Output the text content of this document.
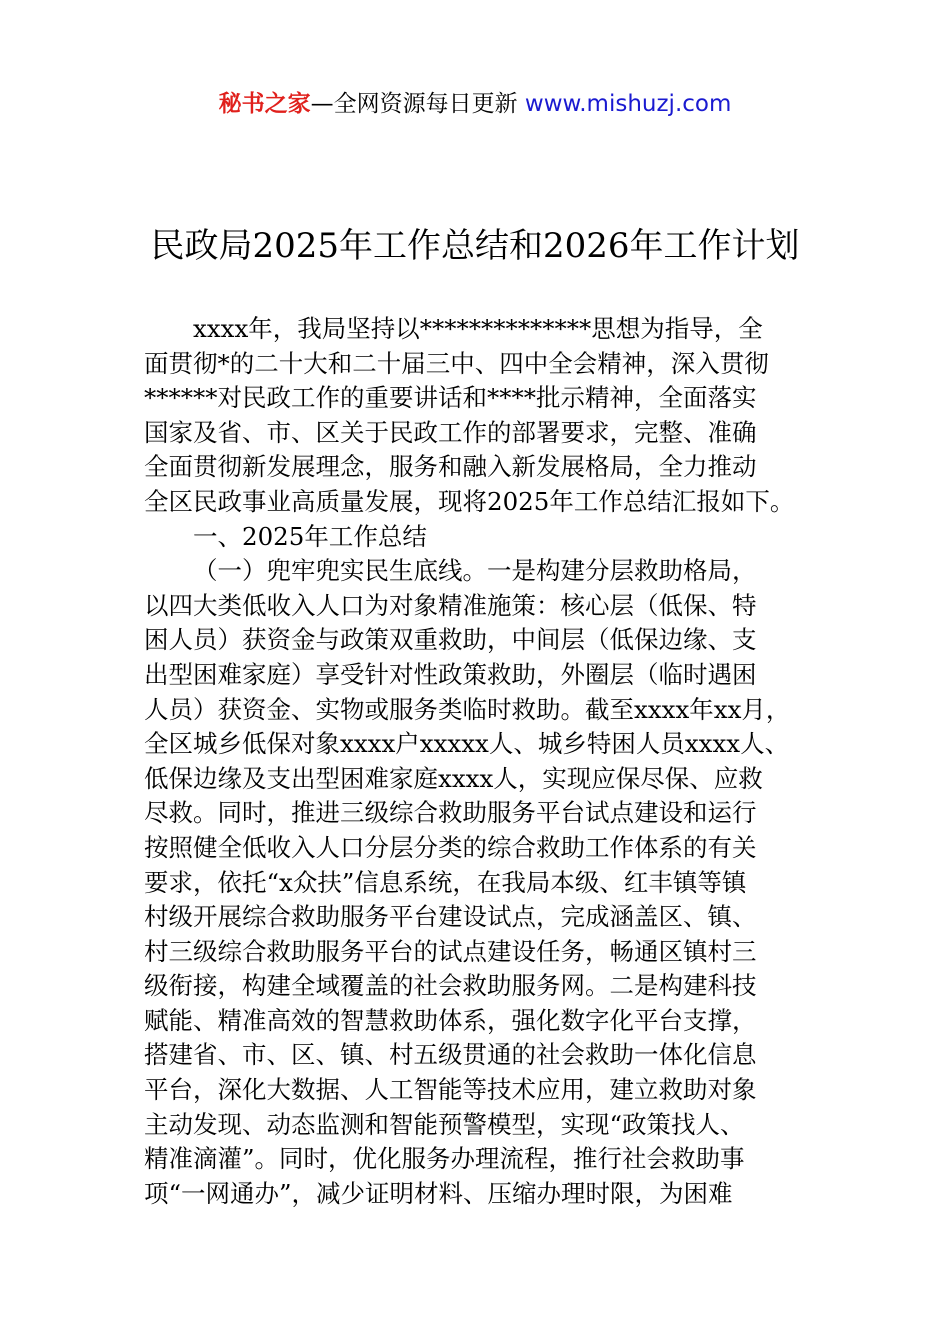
秘书之家—全网资源每日更新 www.mishuzj.com
民政局2025年工作总结和2026年工作计划
xxxx年，我局坚持以**************思想为指导，全
面贯彻*的二十大和二十届三中、四中全会精神，深入贯彻
******对民政工作的重要讲话和****批示精神，全面落实
国家及省、市、区关于民政工作的部署要求，完整、准确
全面贯彻新发展理念，服务和融入新发展格局，全力推动
全区民政事业高质量发展，现将2025年工作总结汇报如下。
一、2025年工作总结
（一）兜牢兜实民生底线。一是构建分层救助格局，
以四大类低收入人口为对象精准施策：核心层（低保、特
困人员）获资金与政策双重救助，中间层（低保边缘、支
出型困难家庭）享受针对性政策救助，外圈层（临时遇困
人员）获资金、实物或服务类临时救助。截至xxxx年xx月，
全区城乡低保对象xxxx户xxxxx人、城乡特困人员xxxx人、
低保边缘及支出型困难家庭xxxx人，实现应保尽保、应救
尽救。同时，推进三级综合救助服务平台试点建设和运行
按照健全低收入人口分层分类的综合救助工作体系的有关
要求，依托“x众扶”信息系统，在我局本级、红丰镇等镇
村级开展综合救助服务平台建设试点，完成涵盖区、镇、
村三级综合救助服务平台的试点建设任务，畅通区镇村三
级衔接，构建全域覆盖的社会救助服务网。二是构建科技
赋能、精准高效的智慧救助体系，强化数字化平台支撑，
搭建省、市、区、镇、村五级贯通的社会救助一体化信息
平台，深化大数据、人工智能等技术应用，建立救助对象
主动发现、动态监测和智能预警模型，实现“政策找人、
精准滴灌”。同时，优化服务办理流程，推行社会救助事
项“一网通办”，减少证明材料、压缩办理时限，为困难
